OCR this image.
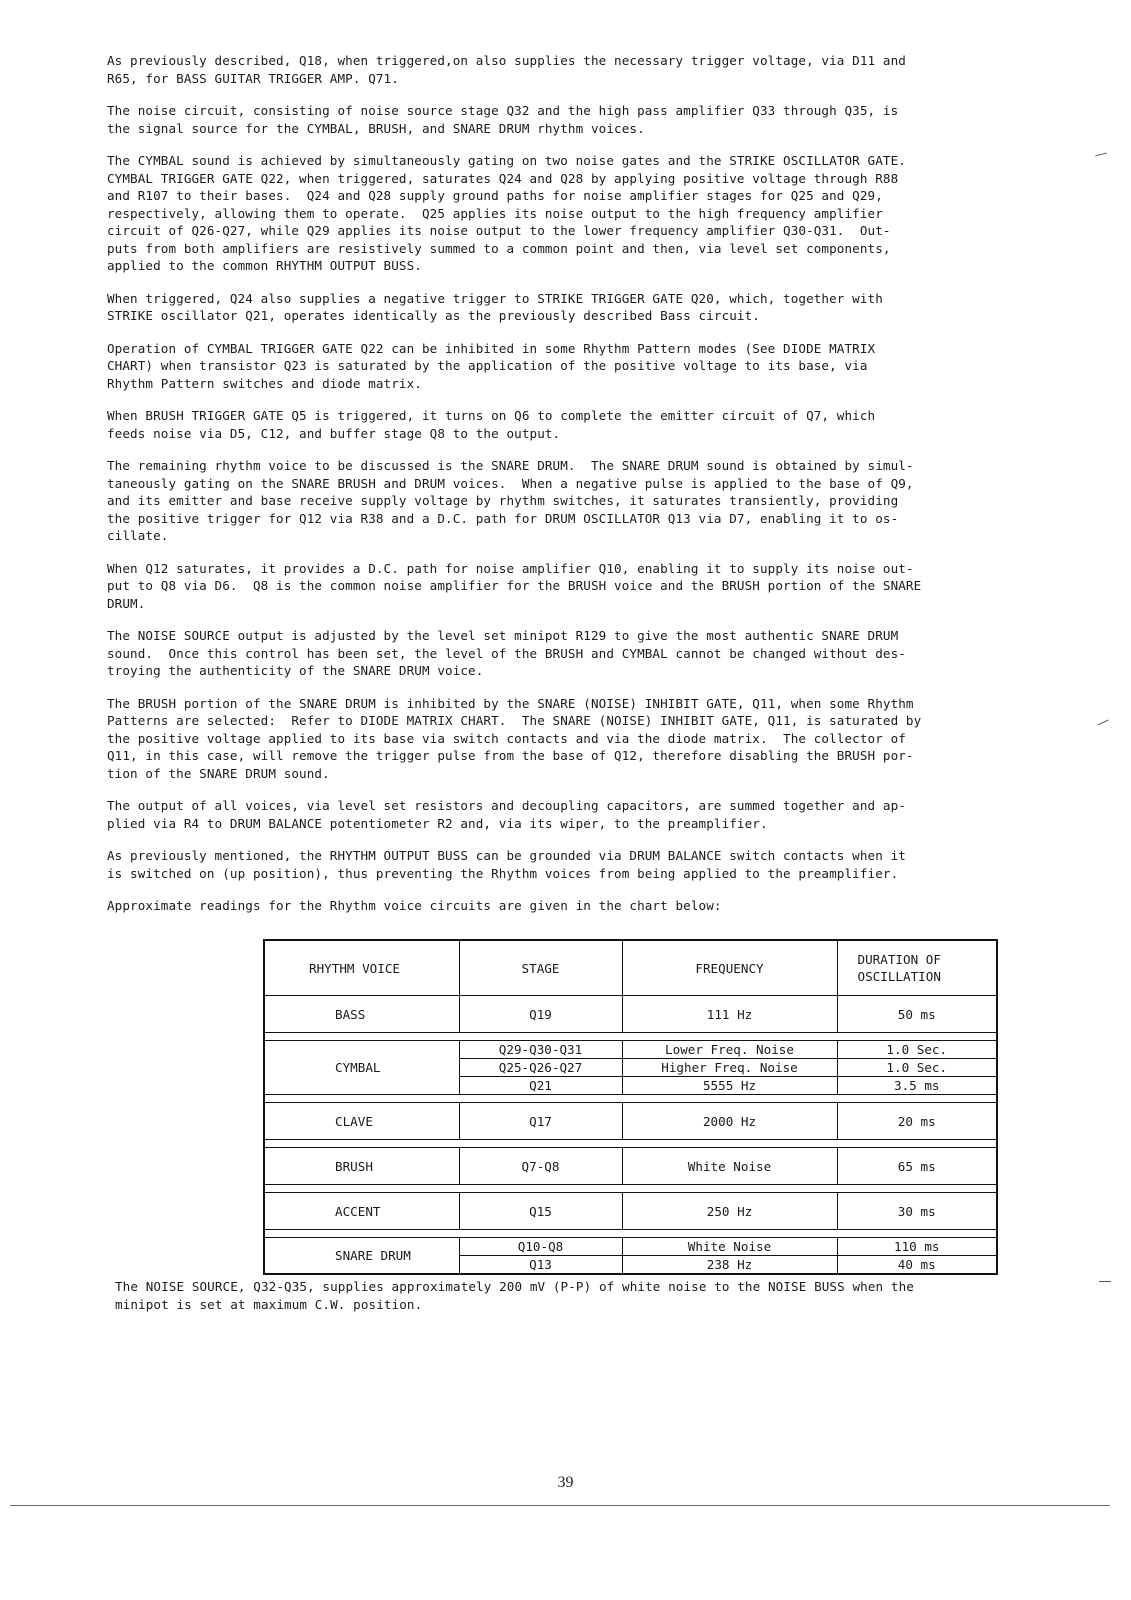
As previously described, Q18, when triggered,on also supplies the necessary trigger voltage, via D11 and
R65, for BASS GUITAR TRIGGER AMP. Q71.

The noise circuit, consisting of noise source stage Q32 and the high pass amplifier Q33 through Q35, is
the signal source for the CYMBAL, BRUSH, and SNARE DRUM rhythm voices.

The CYMBAL sound is achieved by simultaneously gating on two noise gates and the STRIKE OSCILLATOR GATE.
CYMBAL TRIGGER GATE Q22, when triggered, saturates Q24 and Q28 by applying positive voltage through R88
and R107 to their bases.  Q24 and Q28 supply ground paths for noise amplifier stages for Q25 and Q29,
respectively, allowing them to operate.  Q25 applies its noise output to the high frequency amplifier
circuit of Q26-Q27, while Q29 applies its noise output to the lower frequency amplifier Q30-Q31.  Out-
puts from both amplifiers are resistively summed to a common point and then, via level set components,
applied to the common RHYTHM OUTPUT BUSS.

When triggered, Q24 also supplies a negative trigger to STRIKE TRIGGER GATE Q20, which, together with
STRIKE oscillator Q21, operates identically as the previously described Bass circuit.

Operation of CYMBAL TRIGGER GATE Q22 can be inhibited in some Rhythm Pattern modes (See DIODE MATRIX
CHART) when transistor Q23 is saturated by the application of the positive voltage to its base, via
Rhythm Pattern switches and diode matrix.

When BRUSH TRIGGER GATE Q5 is triggered, it turns on Q6 to complete the emitter circuit of Q7, which
feeds noise via D5, C12, and buffer stage Q8 to the output.

The remaining rhythm voice to be discussed is the SNARE DRUM.  The SNARE DRUM sound is obtained by simul-
taneously gating on the SNARE BRUSH and DRUM voices.  When a negative pulse is applied to the base of Q9,
and its emitter and base receive supply voltage by rhythm switches, it saturates transiently, providing
the positive trigger for Q12 via R38 and a D.C. path for DRUM OSCILLATOR Q13 via D7, enabling it to os-
cillate.

When Q12 saturates, it provides a D.C. path for noise amplifier Q10, enabling it to supply its noise out-
put to Q8 via D6.  Q8 is the common noise amplifier for the BRUSH voice and the BRUSH portion of the SNARE
DRUM.

The NOISE SOURCE output is adjusted by the level set minipot R129 to give the most authentic SNARE DRUM
sound.  Once this control has been set, the level of the BRUSH and CYMBAL cannot be changed without des-
troying the authenticity of the SNARE DRUM voice.

The BRUSH portion of the SNARE DRUM is inhibited by the SNARE (NOISE) INHIBIT GATE, Q11, when some Rhythm
Patterns are selected:  Refer to DIODE MATRIX CHART.  The SNARE (NOISE) INHIBIT GATE, Q11, is saturated by
the positive voltage applied to its base via switch contacts and via the diode matrix.  The collector of
Q11, in this case, will remove the trigger pulse from the base of Q12, therefore disabling the BRUSH por-
tion of the SNARE DRUM sound.

The output of all voices, via level set resistors and decoupling capacitors, are summed together and ap-
plied via R4 to DRUM BALANCE potentiometer R2 and, via its wiper, to the preamplifier.

As previously mentioned, the RHYTHM OUTPUT BUSS can be grounded via DRUM BALANCE switch contacts when it
is switched on (up position), thus preventing the Rhythm voices from being applied to the preamplifier.

Approximate readings for the Rhythm voice circuits are given in the chart below:

RHYTHM VOICE	STAGE	FREQUENCY	DURATION OF
OSCILLATION
BASS	Q19	111 Hz	50 ms

CYMBAL	Q29-Q30-Q31	Lower Freq. Noise	1.0 Sec.
	Q25-Q26-Q27	Higher Freq. Noise	1.0 Sec.
	Q21	5555 Hz	3.5 ms

CLAVE	Q17	2000 Hz	20 ms

BRUSH	Q7-Q8	White Noise	65 ms

ACCENT	Q15	250 Hz	30 ms

SNARE DRUM	Q10-Q8	White Noise	110 ms
	Q13	238 Hz	40 ms

The NOISE SOURCE, Q32-Q35, supplies approximately 200 mV (P-P) of white noise to the NOISE BUSS when the
minipot is set at maximum C.W. position.

39
